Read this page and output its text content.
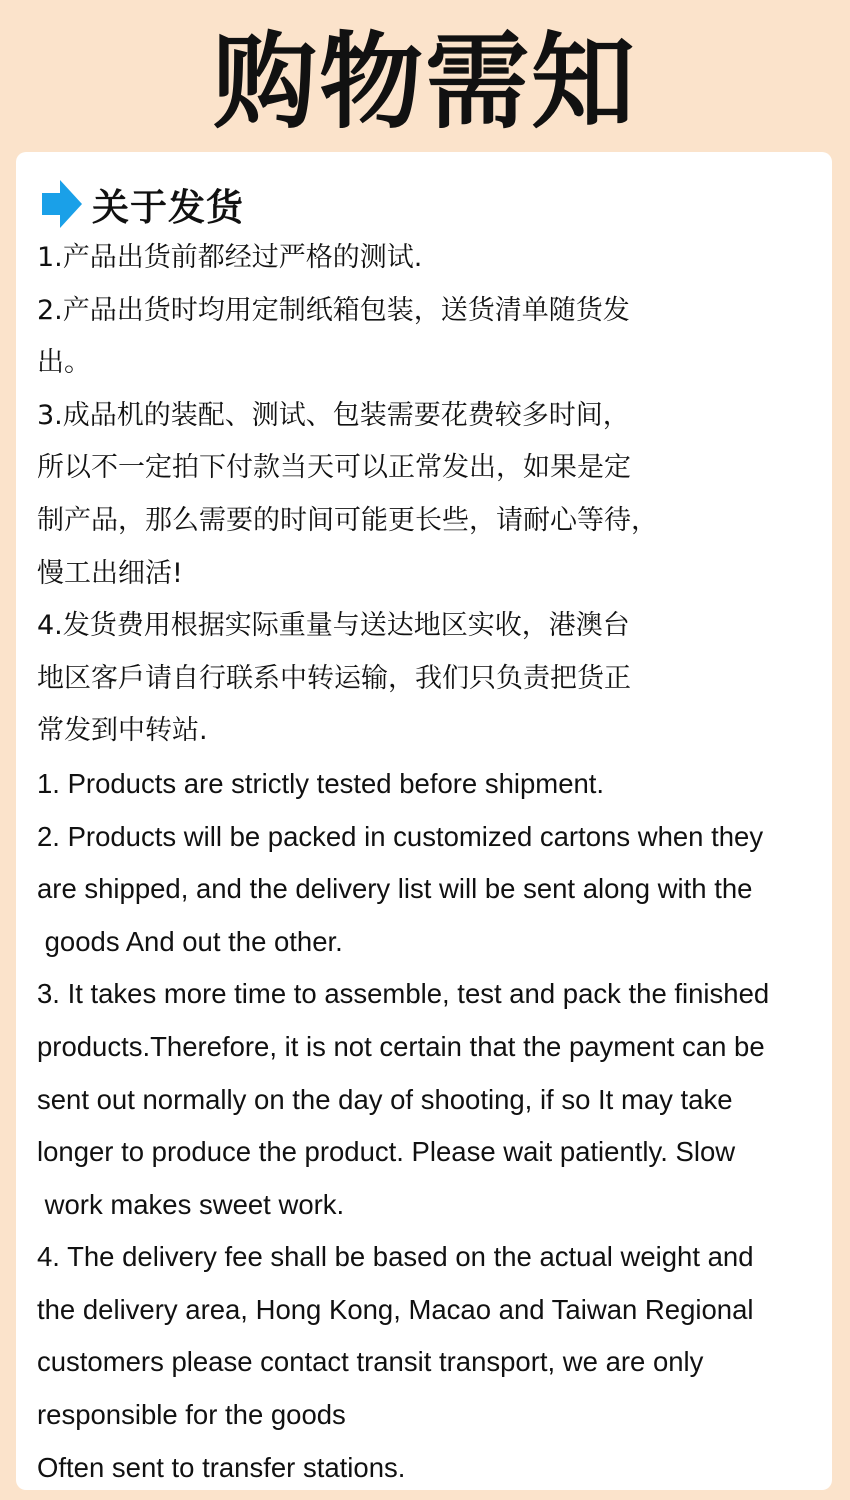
购物需知
关于发货
1.产品出货前都经过严格的测试.
2.产品出货时均用定制纸箱包装，送货清单随货发
出。
3.成品机的装配、测试、包装需要花费较多时间，
所以不一定拍下付款当天可以正常发出，如果是定
制产品，那么需要的时间可能更长些，请耐心等待，
慢工出细活!
4.发货费用根据实际重量与送达地区实收，港澳台
地区客戶请自行联系中转运输，我们只负责把货正
常发到中转站.
1. Products are strictly tested before shipment.
2. Products will be packed in customized cartons when they
are shipped, and the delivery list will be sent along with the
goods And out the other.
3. It takes more time to assemble, test and pack the finished
products.Therefore, it is not certain that the payment can be
sent out normally on the day of shooting, if so It may take
longer to produce the product. Please wait patiently. Slow
work makes sweet work.
4. The delivery fee shall be based on the actual weight and
the delivery area, Hong Kong, Macao and Taiwan Regional
customers please contact transit transport, we are only
responsible for the goods
Often sent to transfer stations.
